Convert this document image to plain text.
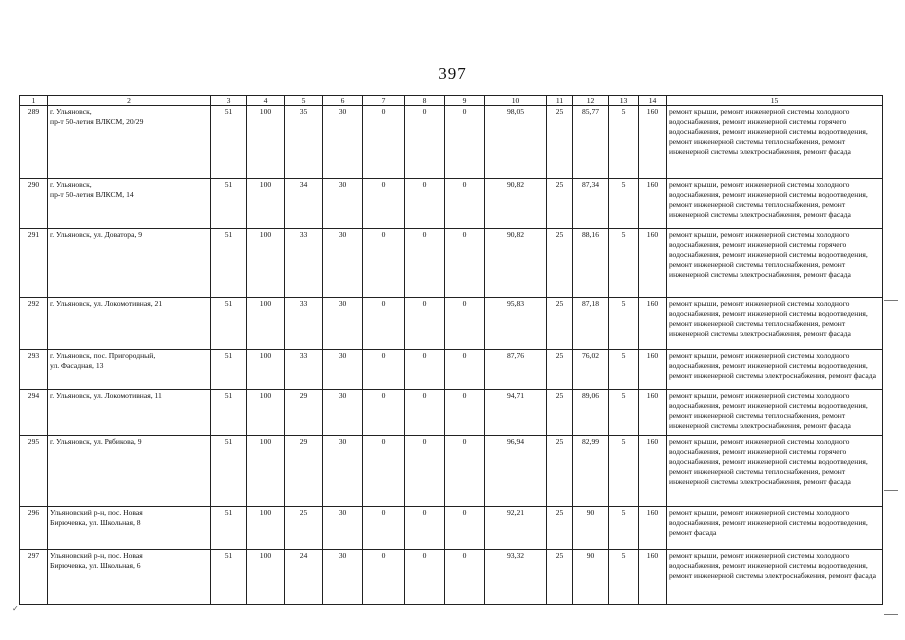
397
1	2	3	4	5	6	7	8	9	10	11	12	13	14	15
289	г. Ульяновск,
пр-т 50-летия ВЛКСМ, 20/29	51	100	35	30	0	0	0	98,05	25	85,77	5	160	ремонт крыши, ремонт инженерной системы холодного водоснабжения, ремонт инженерной системы горячего водоснабжения, ремонт инженерной системы водоотведения, ремонт инженерной системы теплоснабжения, ремонт инженерной системы электроснабжения, ремонт фасада
290	г. Ульяновск,
пр-т 50-летия ВЛКСМ, 14	51	100	34	30	0	0	0	90,82	25	87,34	5	160	ремонт крыши, ремонт инженерной системы холодного водоснабжения, ремонт инженерной системы водоотведения, ремонт инженерной системы теплоснабжения, ремонт инженерной системы электроснабжения, ремонт фасада
291	г. Ульяновск, ул. Доватора, 9	51	100	33	30	0	0	0	90,82	25	88,16	5	160	ремонт крыши, ремонт инженерной системы холодного водоснабжения, ремонт инженерной системы горячего водоснабжения, ремонт инженерной системы водоотведения, ремонт инженерной системы теплоснабжения, ремонт инженерной системы электроснабжения, ремонт фасада
292	г. Ульяновск, ул. Локомотивная, 21	51	100	33	30	0	0	0	95,83	25	87,18	5	160	ремонт крыши, ремонт инженерной системы холодного водоснабжения, ремонт инженерной системы водоотведения, ремонт инженерной системы теплоснабжения, ремонт инженерной системы электроснабжения, ремонт фасада
293	г. Ульяновск, пос. Пригородный,
ул. Фасадная, 13	51	100	33	30	0	0	0	87,76	25	76,02	5	160	ремонт крыши, ремонт инженерной системы холодного водоснабжения, ремонт инженерной системы водоотведения, ремонт инженерной системы электроснабжения, ремонт фасада
294	г. Ульяновск, ул. Локомотивная, 11	51	100	29	30	0	0	0	94,71	25	89,06	5	160	ремонт крыши, ремонт инженерной системы холодного водоснабжения, ремонт инженерной системы водоотведения, ремонт инженерной системы теплоснабжения, ремонт инженерной системы электроснабжения, ремонт фасада
295	г. Ульяновск, ул. Рябикова, 9	51	100	29	30	0	0	0	96,94	25	82,99	5	160	ремонт крыши, ремонт инженерной системы холодного водоснабжения, ремонт инженерной системы горячего водоснабжения, ремонт инженерной системы водоотведения, ремонт инженерной системы теплоснабжения, ремонт инженерной системы электроснабжения, ремонт фасада
296	Ульяновский р-н, пос. Новая
Бирючевка, ул. Школьная, 8	51	100	25	30	0	0	0	92,21	25	90	5	160	ремонт крыши, ремонт инженерной системы холодного водоснабжения, ремонт инженерной системы водоотведения, ремонт фасада
297	Ульяновский р-н, пос. Новая
Бирючевка, ул. Школьная, 6	51	100	24	30	0	0	0	93,32	25	90	5	160	ремонт крыши, ремонт инженерной системы холодного водоснабжения, ремонт инженерной системы водоотведения, ремонт инженерной системы электроснабжения, ремонт фасада
✓
